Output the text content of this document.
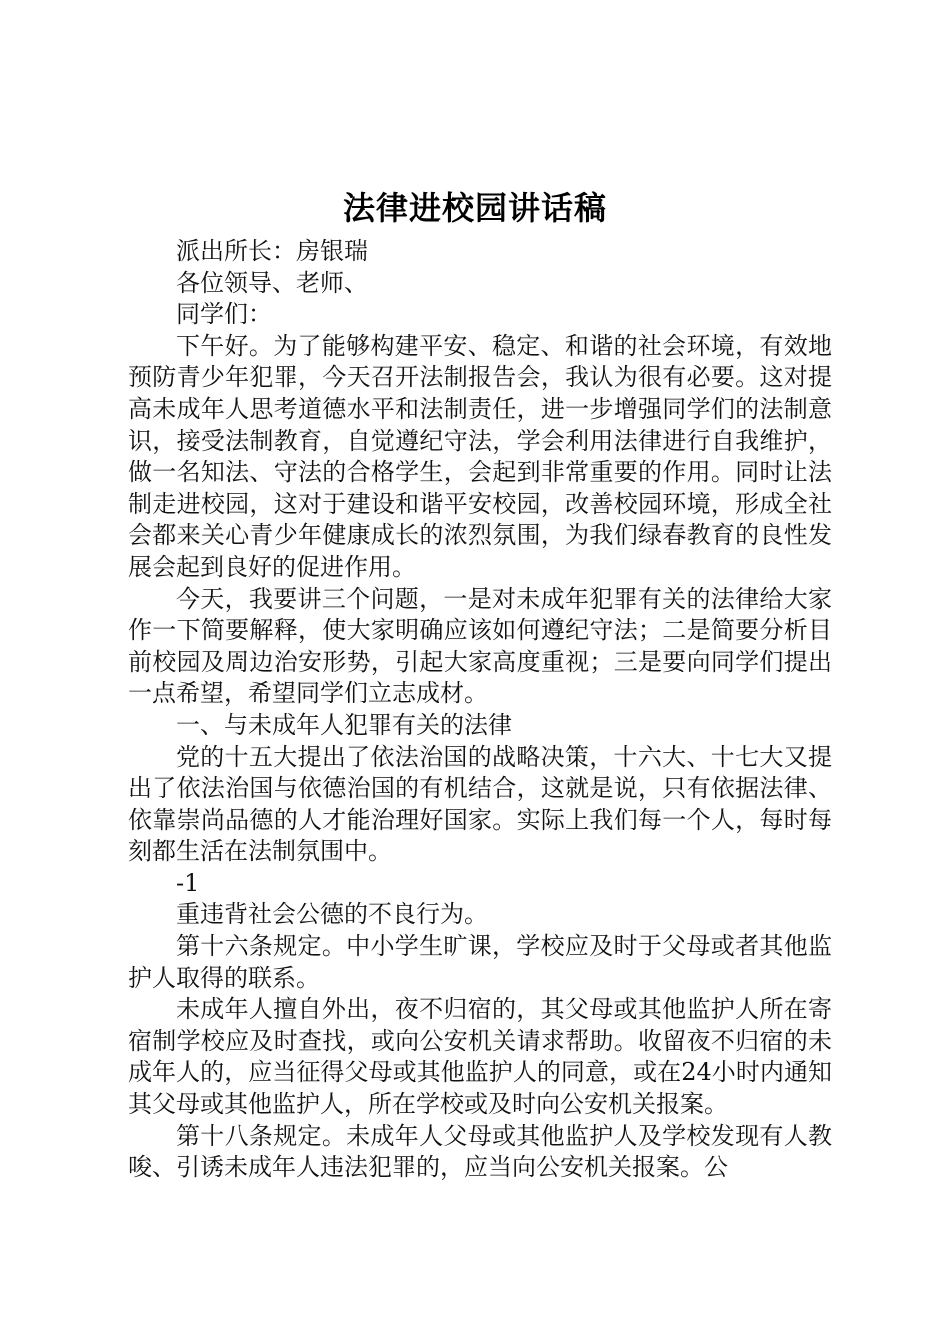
法律进校园讲话稿

派出所长：房银瑞

各位领导、老师、

同学们：

下午好。为了能够构建平安、稳定、和谐的社会环境，有效地预防青少年犯罪，今天召开法制报告会，我认为很有必要。这对提高未成年人思考道德水平和法制责任，进一步增强同学们的法制意识，接受法制教育，自觉遵纪守法，学会利用法律进行自我维护，做一名知法、守法的合格学生，会起到非常重要的作用。同时让法制走进校园，这对于建设和谐平安校园，改善校园环境，形成全社会都来关心青少年健康成长的浓烈氛围，为我们绿春教育的良性发展会起到良好的促进作用。

今天，我要讲三个问题，一是对未成年犯罪有关的法律给大家作一下简要解释，使大家明确应该如何遵纪守法；二是简要分析目前校园及周边治安形势，引起大家高度重视；三是要向同学们提出一点希望，希望同学们立志成材。

一、与未成年人犯罪有关的法律

党的十五大提出了依法治国的战略决策，十六大、十七大又提出了依法治国与依德治国的有机结合，这就是说，只有依据法律、依靠崇尚品德的人才能治理好国家。实际上我们每一个人，每时每刻都生活在法制氛围中。

-1

重违背社会公德的不良行为。

第十六条规定。中小学生旷课，学校应及时于父母或者其他监护人取得的联系。

未成年人擅自外出，夜不归宿的，其父母或其他监护人所在寄宿制学校应及时查找，或向公安机关请求帮助。收留夜不归宿的未成年人的，应当征得父母或其他监护人的同意，或在24小时内通知其父母或其他监护人，所在学校或及时向公安机关报案。

第十八条规定。未成年人父母或其他监护人及学校发现有人教唆、引诱未成年人违法犯罪的，应当向公安机关报案。公
